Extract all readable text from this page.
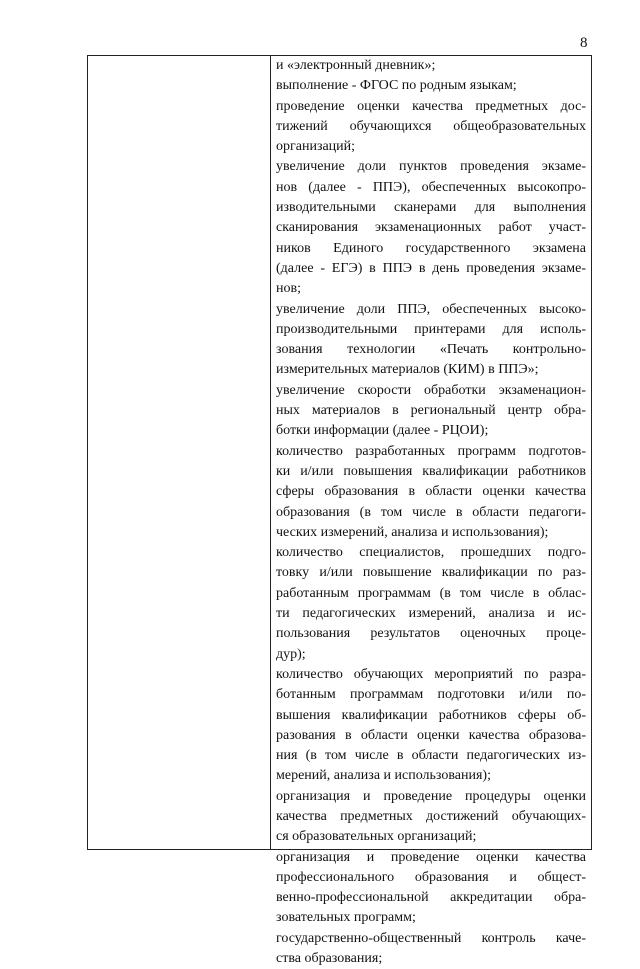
8
и «электронный дневник»;
выполнение - ФГОС по родным языкам;
проведение оценки качества предметных дос-
тижений обучающихся общеобразовательных
организаций;
увеличение доли пунктов проведения экзаме-
нов (далее - ППЭ), обеспеченных высокопро-
изводительными сканерами для выполнения
сканирования экзаменационных работ участ-
ников Единого государственного экзамена
(далее - ЕГЭ) в ППЭ в день проведения экзаме-
нов;
увеличение доли ППЭ, обеспеченных высоко-
производительными принтерами для исполь-
зования технологии «Печать контрольно-
измерительных материалов (КИМ) в ППЭ»;
увеличение скорости обработки экзаменацион-
ных материалов в региональный центр обра-
ботки информации (далее - РЦОИ);
количество разработанных программ подготов-
ки и/или повышения квалификации работников
сферы образования в области оценки качества
образования (в том числе в области педагоги-
ческих измерений, анализа и использования);
количество специалистов, прошедших подго-
товку и/или повышение квалификации по раз-
работанным программам (в том числе в облас-
ти педагогических измерений, анализа и ис-
пользования результатов оценочных проце-
дур);
количество обучающих мероприятий по разра-
ботанным программам подготовки и/или по-
вышения квалификации работников сферы об-
разования в области оценки качества образова-
ния (в том числе в области педагогических из-
мерений, анализа и использования);
организация и проведение процедуры оценки
качества предметных достижений обучающих-
ся образовательных организаций;
организация и проведение оценки качества
профессионального образования и общест-
венно-профессиональной аккредитации обра-
зовательных программ;
государственно-общественный контроль каче-
ства образования;
